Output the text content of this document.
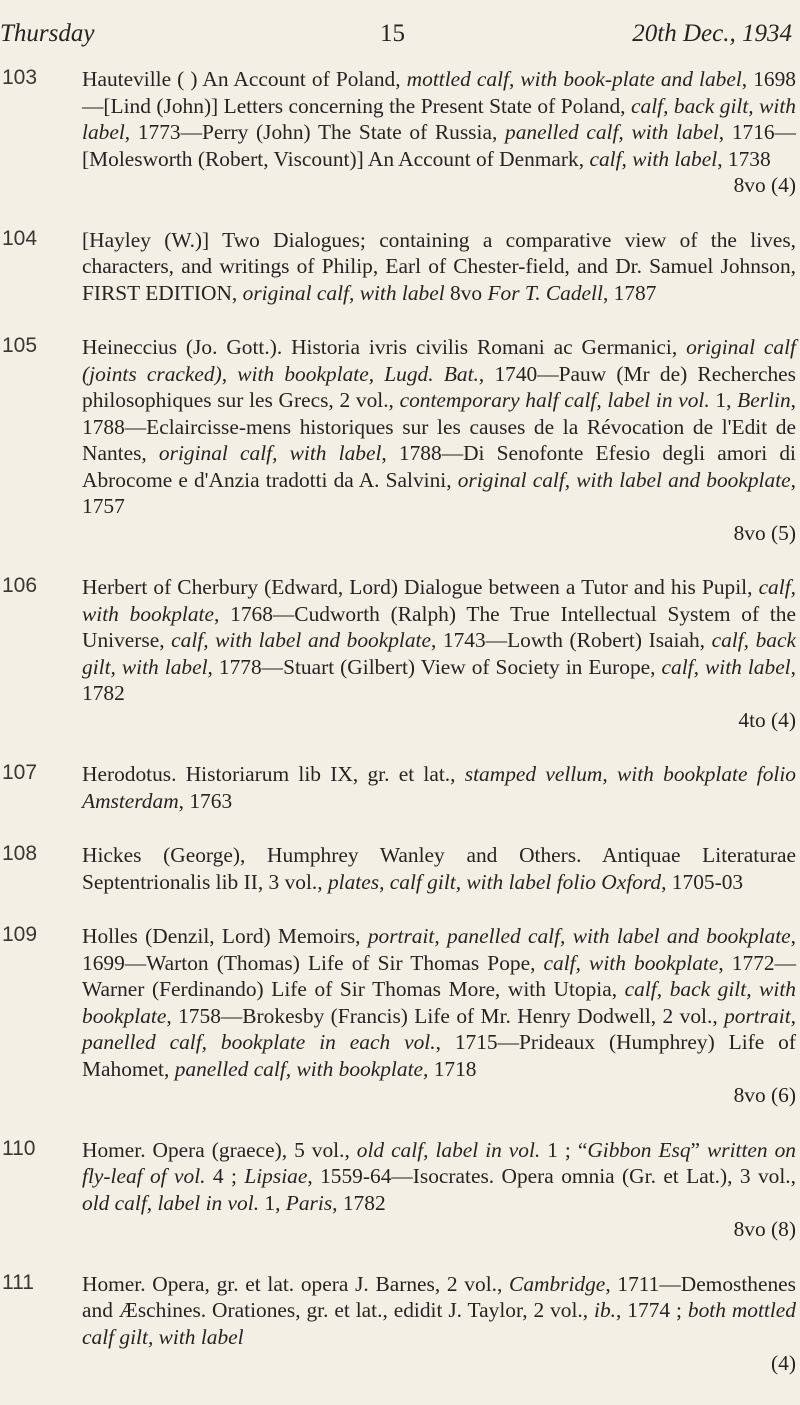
Thursday	15	20th Dec., 1934
103 Hauteville ( ) An Account of Poland, mottled calf, with book-plate and label, 1698—[Lind (John)] Letters concerning the Present State of Poland, calf, back gilt, with label, 1773—Perry (John) The State of Russia, panelled calf, with label, 1716—[Molesworth (Robert, Viscount)] An Account of Denmark, calf, with label, 1738
8vo (4)
104 [Hayley (W.)] Two Dialogues; containing a comparative view of the lives, characters, and writings of Philip, Earl of Chester-field, and Dr. Samuel Johnson, FIRST EDITION, original calf, with label 8vo For T. Cadell, 1787
105 Heineccius (Jo. Gott.). Historia ivris civilis Romani ac Germanici, original calf (joints cracked), with bookplate, Lugd. Bat., 1740—Pauw (Mr de) Recherches philosophiques sur les Grecs, 2 vol., contemporary half calf, label in vol. 1, Berlin, 1788—Eclaircisse-mens historiques sur les causes de la Révocation de l'Edit de Nantes, original calf, with label, 1788—Di Senofonte Efesio degli amori di Abrocome e d'Anzia tradotti da A. Salvini, original calf, with label and bookplate, 1757
8vo (5)
106 Herbert of Cherbury (Edward, Lord) Dialogue between a Tutor and his Pupil, calf, with bookplate, 1768—Cudworth (Ralph) The True Intellectual System of the Universe, calf, with label and bookplate, 1743—Lowth (Robert) Isaiah, calf, back gilt, with label, 1778—Stuart (Gilbert) View of Society in Europe, calf, with label, 1782
4to (4)
107 Herodotus. Historiarum lib IX, gr. et lat., stamped vellum, with bookplate folio Amsterdam, 1763
108 Hickes (George), Humphrey Wanley and Others. Antiquae Literaturae Septentrionalis lib II, 3 vol., plates, calf gilt, with label folio Oxford, 1705-03
109 Holles (Denzil, Lord) Memoirs, portrait, panelled calf, with label and bookplate, 1699—Warton (Thomas) Life of Sir Thomas Pope, calf, with bookplate, 1772—Warner (Ferdinando) Life of Sir Thomas More, with Utopia, calf, back gilt, with bookplate, 1758—Brokesby (Francis) Life of Mr. Henry Dodwell, 2 vol., portrait, panelled calf, bookplate in each vol., 1715—Prideaux (Humphrey) Life of Mahomet, panelled calf, with bookplate, 1718
8vo (6)
110 Homer. Opera (graece), 5 vol., old calf, label in vol. 1 ; “Gibbon Esq” written on fly-leaf of vol. 4 ; Lipsiae, 1559-64—Isocrates. Opera omnia (Gr. et Lat.), 3 vol., old calf, label in vol. 1, Paris, 1782
8vo (8)
111 Homer. Opera, gr. et lat. opera J. Barnes, 2 vol., Cambridge, 1711—Demosthenes and Æschines. Orationes, gr. et lat., edidit J. Taylor, 2 vol., ib., 1774 ; both mottled calf gilt, with label
(4)
